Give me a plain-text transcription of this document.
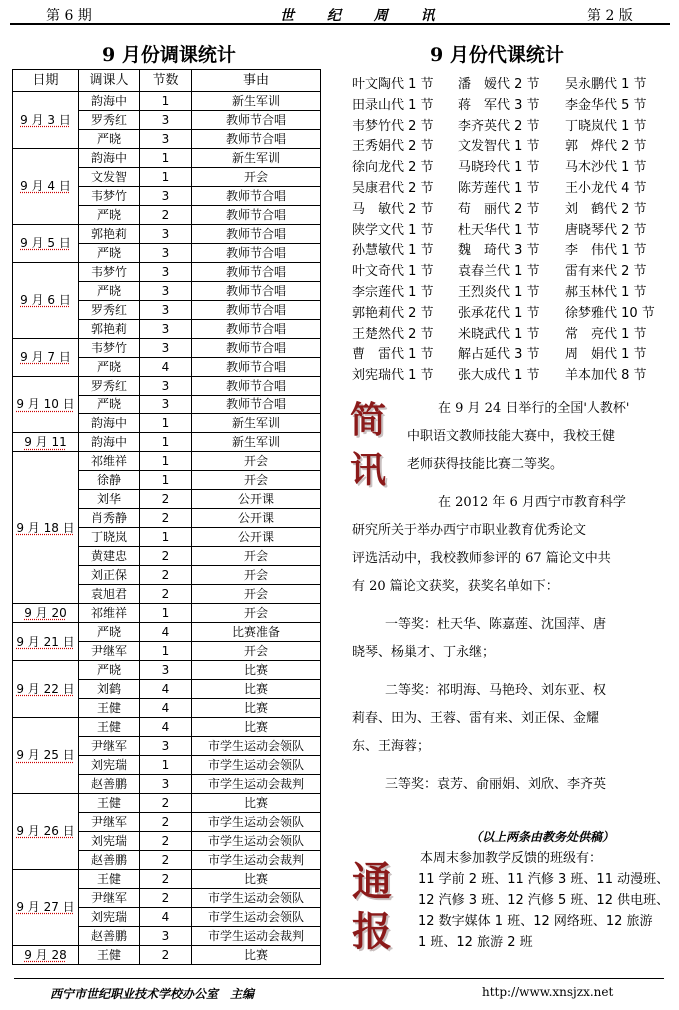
第 6 期	世 纪 周 讯	第 2 版
9 月份调课统计	9 月份代课统计
日期	调课人	节数	事由
9 月 3 日	韵海中	1	新生军训
	罗秀红	3	教师节合唱
	严晓	3	教师节合唱
9 月 4 日	韵海中	1	新生军训
	文发智	1	开会
	韦梦竹	3	教师节合唱
	严晓	2	教师节合唱
9 月 5 日	郭艳莉	3	教师节合唱
	严晓	3	教师节合唱
9 月 6 日	韦梦竹	3	教师节合唱
	严晓	3	教师节合唱
	罗秀红	3	教师节合唱
	郭艳莉	3	教师节合唱
9 月 7 日	韦梦竹	3	教师节合唱
	严晓	4	教师节合唱
9 月 10 日	罗秀红	3	教师节合唱
	严晓	3	教师节合唱
	韵海中	1	新生军训
9 月 11	韵海中	1	新生军训
9 月 18 日	祁维祥	1	开会
	徐静	1	开会
	刘华	2	公开课
	肖秀静	2	公开课
	丁晓岚	1	公开课
	黄建忠	2	开会
	刘正保	2	开会
	袁旭君	2	开会
9 月 20	祁维祥	1	开会
9 月 21 日	严晓	4	比赛准备
	尹继军	1	开会
9 月 22 日	严晓	3	比赛
	刘鹤	4	比赛
	王健	4	比赛
9 月 25 日	王健	4	比赛
	尹继军	3	市学生运动会领队
	刘宪瑞	1	市学生运动会领队
	赵善鹏	3	市学生运动会裁判
9 月 26 日	王健	2	比赛
	尹继军	2	市学生运动会领队
	刘宪瑞	2	市学生运动会领队
	赵善鹏	2	市学生运动会裁判
9 月 27 日	王健	2	比赛
	尹继军	2	市学生运动会领队
	刘宪瑞	4	市学生运动会领队
	赵善鹏	3	市学生运动会裁判
9 月 28	王健	2	比赛
叶文陶代 1 节 潘　嫒代 2 节 吴永鹏代 1 节
田录山代 1 节 蒋　军代 3 节 李金华代 5 节
韦梦竹代 2 节 李齐英代 2 节 丁晓岚代 1 节
王秀娟代 2 节 文发智代 1 节 郭　烨代 2 节
徐向龙代 2 节 马晓玲代 1 节 马木沙代 1 节
吴康君代 2 节 陈芳莲代 1 节 王小龙代 4 节
马　敏代 2 节 苟　丽代 2 节 刘　鹤代 2 节
陕学文代 1 节 杜天华代 1 节 唐晓琴代 2 节
孙慧敏代 1 节 魏　琦代 3 节 李　伟代 1 节
叶文奇代 1 节 袁春兰代 1 节 雷有来代 2 节
李宗莲代 1 节 王烈炎代 1 节 郝玉林代 1 节
郭艳莉代 2 节 张承花代 1 节 徐梦雅代 10 节
王楚然代 2 节 米晓武代 1 节 常　亮代 1 节
曹　雷代 1 节 解占延代 3 节 周　娟代 1 节
刘宪瑞代 1 节 张大成代 1 节 羊本加代 8 节
简
讯
在 9 月 24 日举行的全国'人教杯'
中职语文教师技能大赛中，我校王健
老师获得技能比赛二等奖。
在 2012 年 6 月西宁市教育科学
研究所关于举办西宁市职业教育优秀论文
评选活动中，我校教师参评的 67 篇论文中共
有 20 篇论文获奖，获奖名单如下：
一等奖：杜天华、陈嘉莲、沈国萍、唐
晓琴、杨巢才、丁永继；
二等奖：祁明海、马艳玲、刘东亚、权
莉春、田为、王蓉、雷有来、刘正保、金耀
东、王海蓉；
三等奖：袁芳、俞丽娟、刘欣、李齐英
（以上两条由教务处供稿）
通
报
本周末参加教学反馈的班级有：
11 学前 2 班、11 汽修 3 班、11 动漫班、
12 汽修 3 班、12 汽修 5 班、12 供电班、
12 数字媒体 1 班、12 网络班、12 旅游
1 班、12 旅游 2 班
西宁市世纪职业技术学校办公室　主编	http://www.xnsjzx.net
